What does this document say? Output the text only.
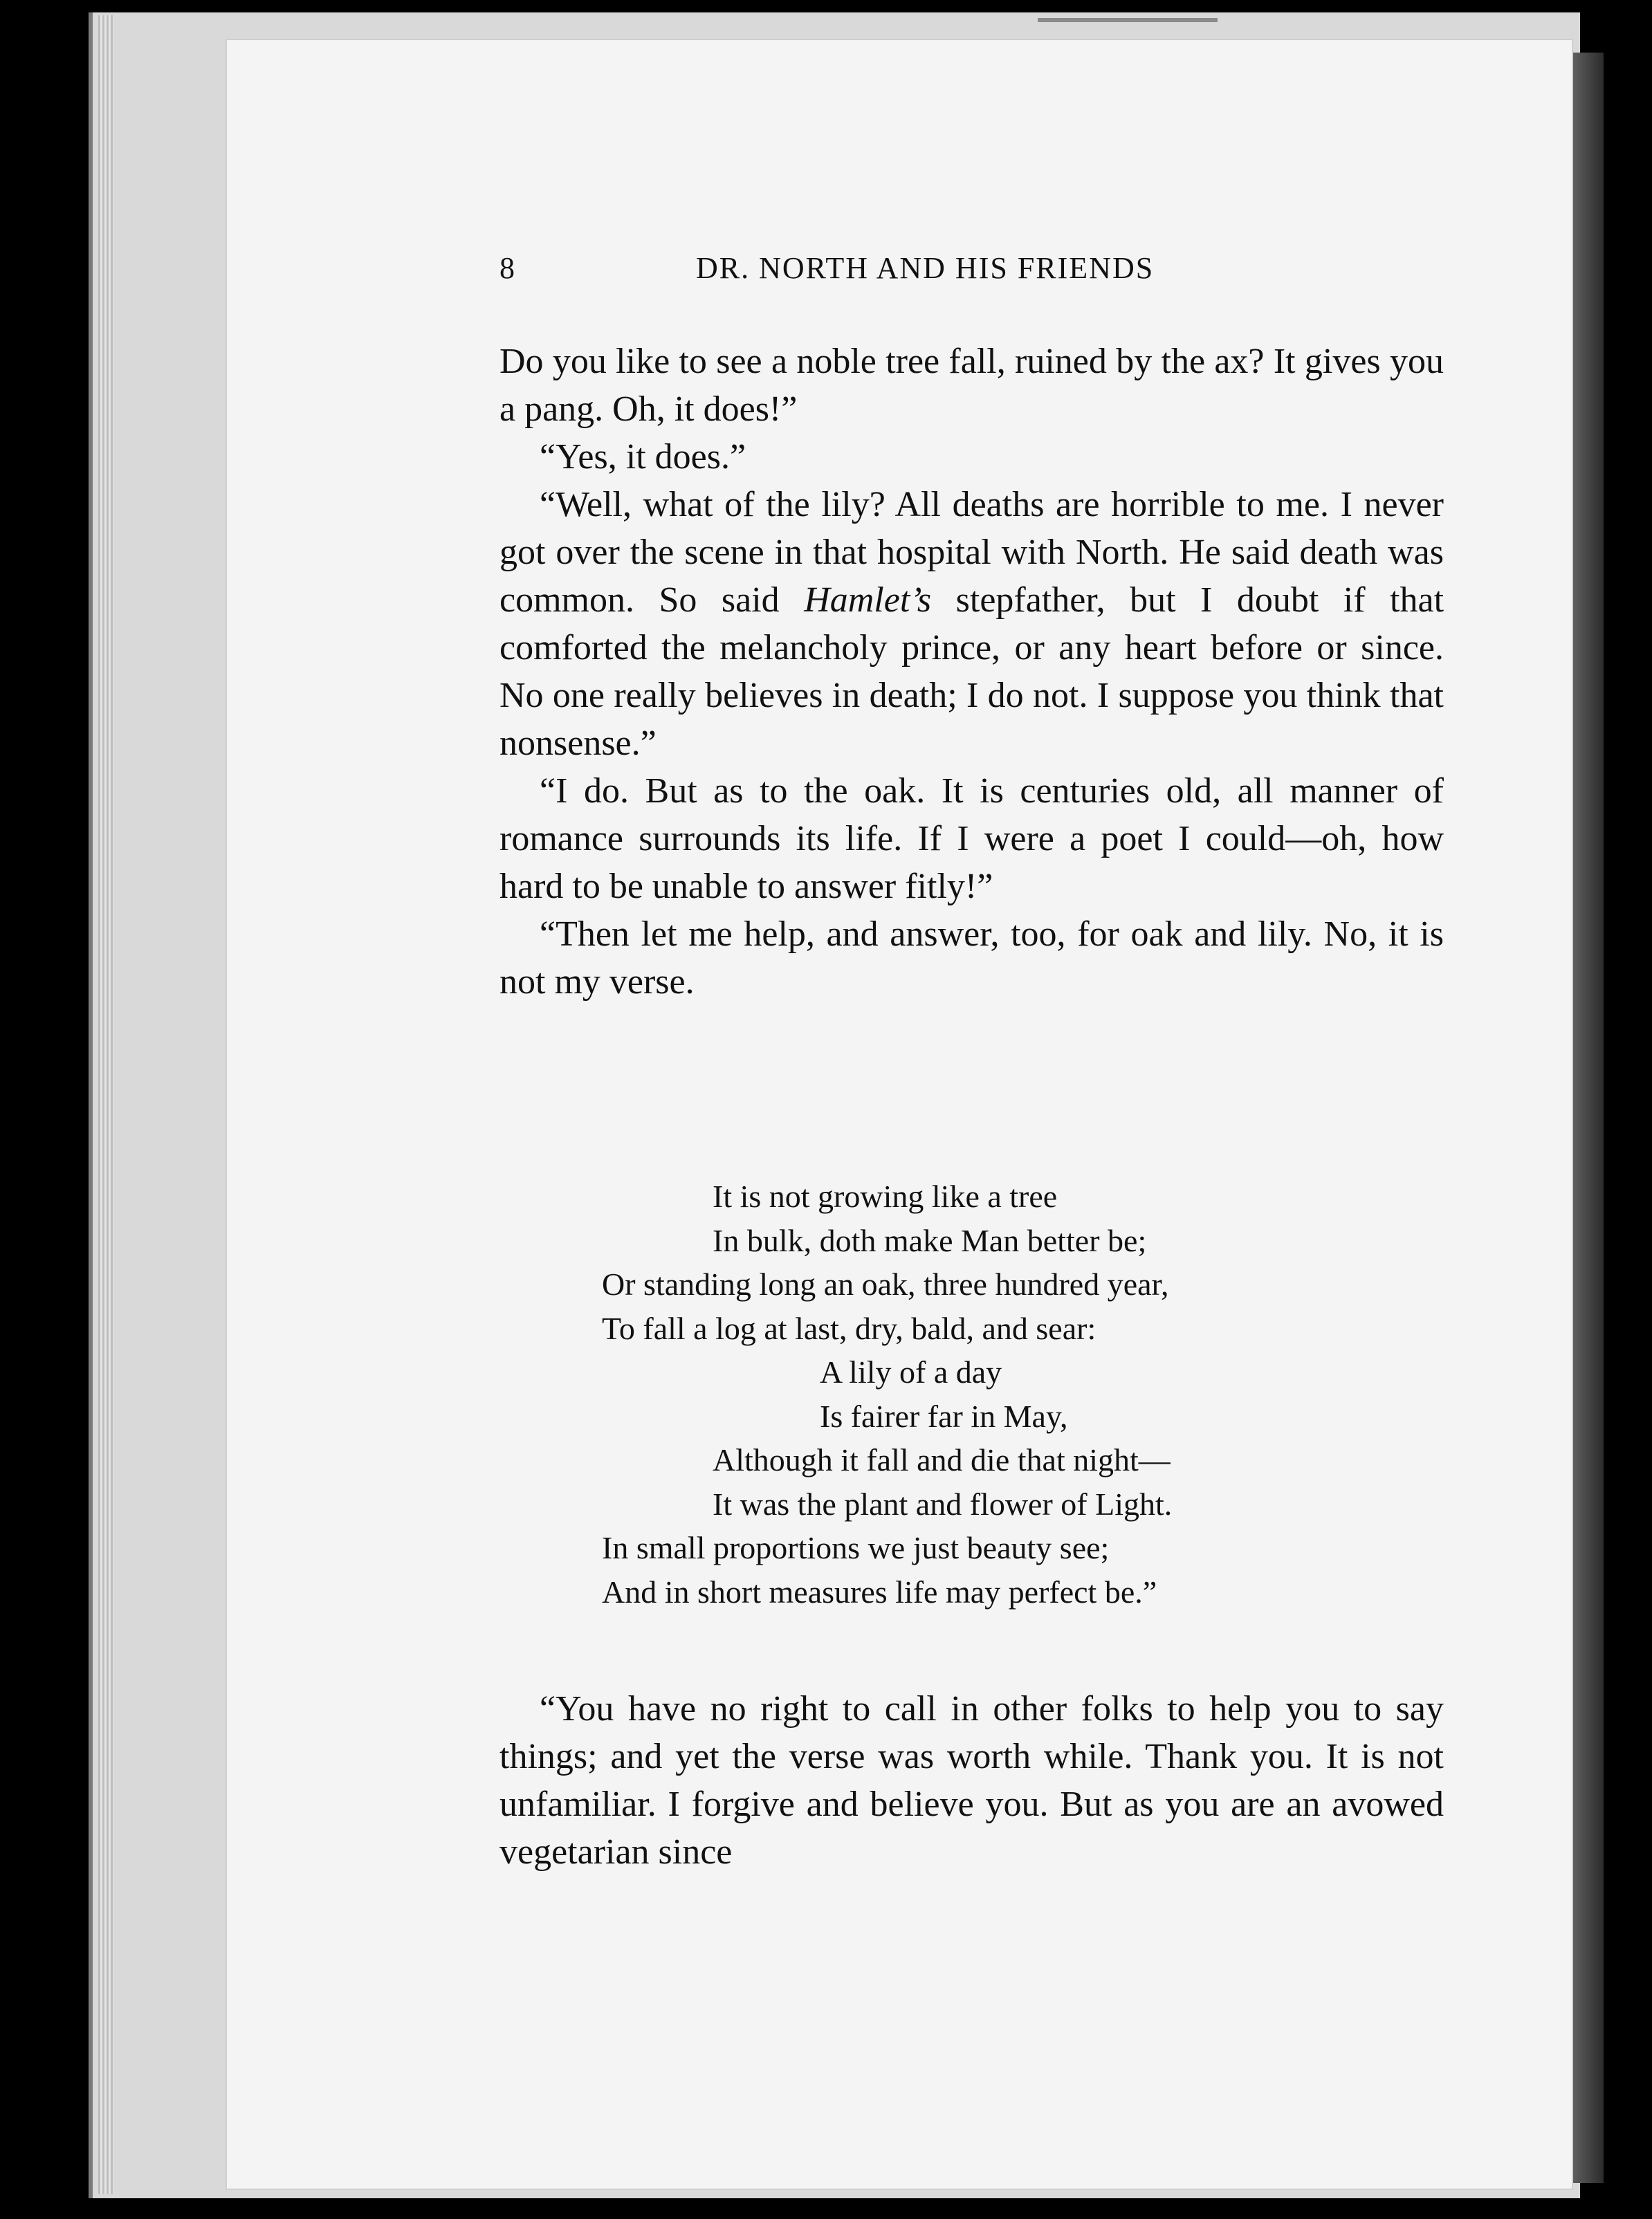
8	DR. NORTH AND HIS FRIENDS

Do you like to see a noble tree fall, ruined by the ax? It gives you a pang. Oh, it does!”

“Yes, it does.”

“Well, what of the lily? All deaths are horrible to me. I never got over the scene in that hospital with North. He said death was common. So said Hamlet’s stepfather, but I doubt if that comforted the melancholy prince, or any heart before or since. No one really believes in death; I do not. I suppose you think that nonsense.”

“I do. But as to the oak. It is centuries old, all manner of romance surrounds its life. If I were a poet I could—oh, how hard to be unable to answer fitly!”

“Then let me help, and answer, too, for oak and lily. No, it is not my verse.

It is not growing like a tree
In bulk, doth make Man better be;
Or standing long an oak, three hundred year,
To fall a log at last, dry, bald, and sear:
A lily of a day
Is fairer far in May,
Although it fall and die that night—
It was the plant and flower of Light.
In small proportions we just beauty see;
And in short measures life may perfect be.”

“You have no right to call in other folks to help you to say things; and yet the verse was worth while. Thank you. It is not unfamiliar. I forgive and believe you. But as you are an avowed vegetarian since
